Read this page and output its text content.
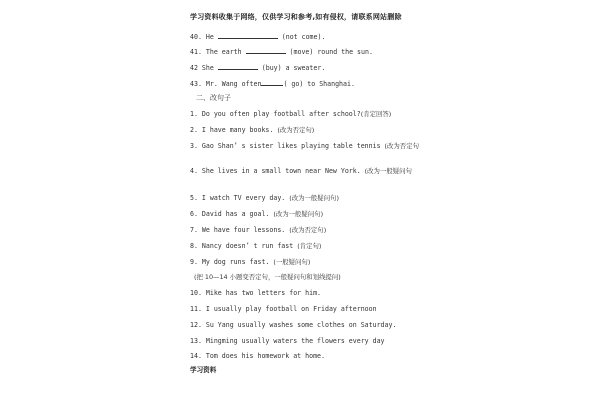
学习资料收集于网络，仅供学习和参考,如有侵权，请联系网站删除
40. He	(not come).
41. The earth	(move) round the sun.
42 She	(buy) a sweater.
43. Mr. Wang often	( go) to Shanghai.
二、改句子
1. Do you often play football after school?(肯定回答)
2. I have many books. (改为否定句)
3. Gao Shan’ s sister likes playing table tennis (改为否定句
4. She lives in a small town near New York. (改为一般疑问句
5. I watch TV every day. (改为一般疑问句)
6. David has a goal. (改为一般疑问句)
7. We have four lessons. (改为否定句)
8. Nancy doesn’ t run fast (肯定句)
9. My dog runs fast. (一般疑问句)
(把 10—14 小题变否定句，一般疑问句和划线提问)
10. Mike has two letters for him.
11. I usually play football on Friday afternoon
12. Su Yang usually washes some clothes on Saturday.
13. Mingming usually waters the flowers every day
14. Tom does his homework at home.
学习资料
